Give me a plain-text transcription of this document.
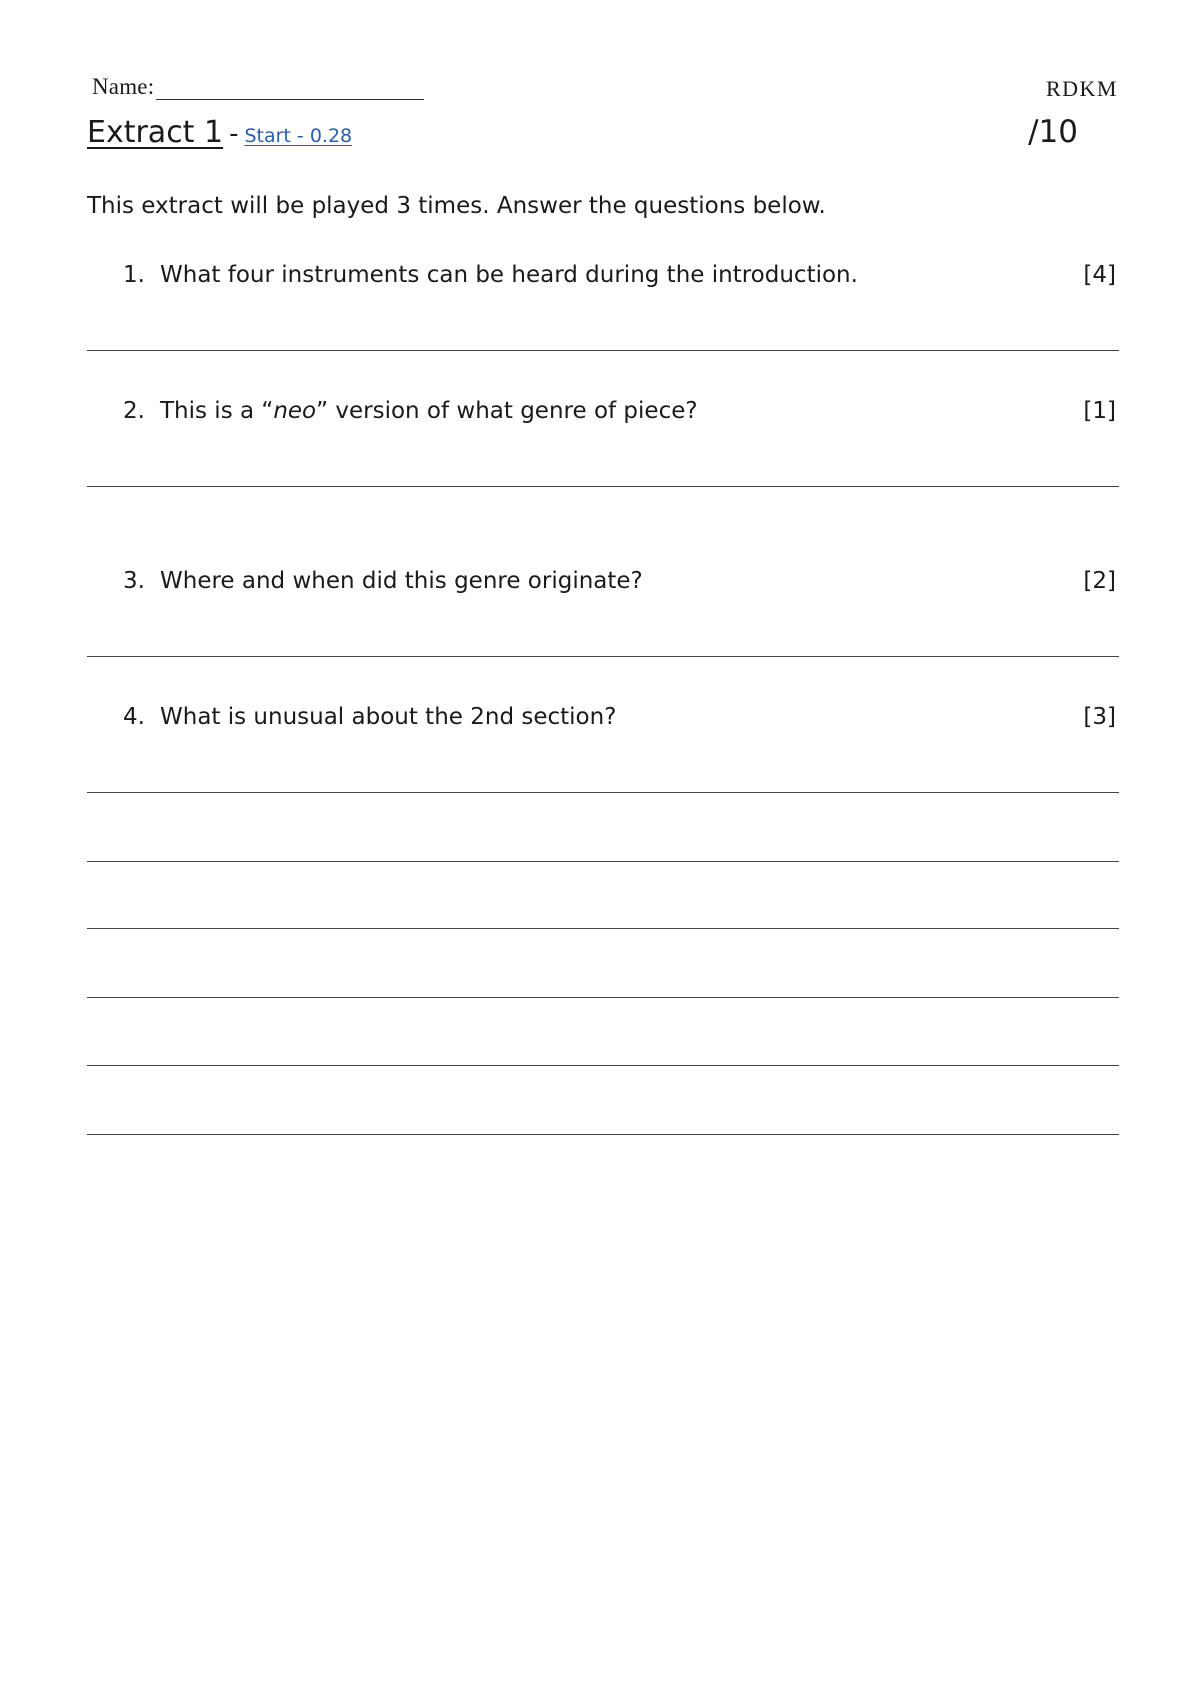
Name:	RDKM
Extract 1 - Start - 0.28	/10
This extract will be played 3 times. Answer the questions below.
1. What four instruments can be heard during the introduction.	[4]
2. This is a “neo” version of what genre of piece?	[1]
3. Where and when did this genre originate?	[2]
4. What is unusual about the 2nd section?	[3]
